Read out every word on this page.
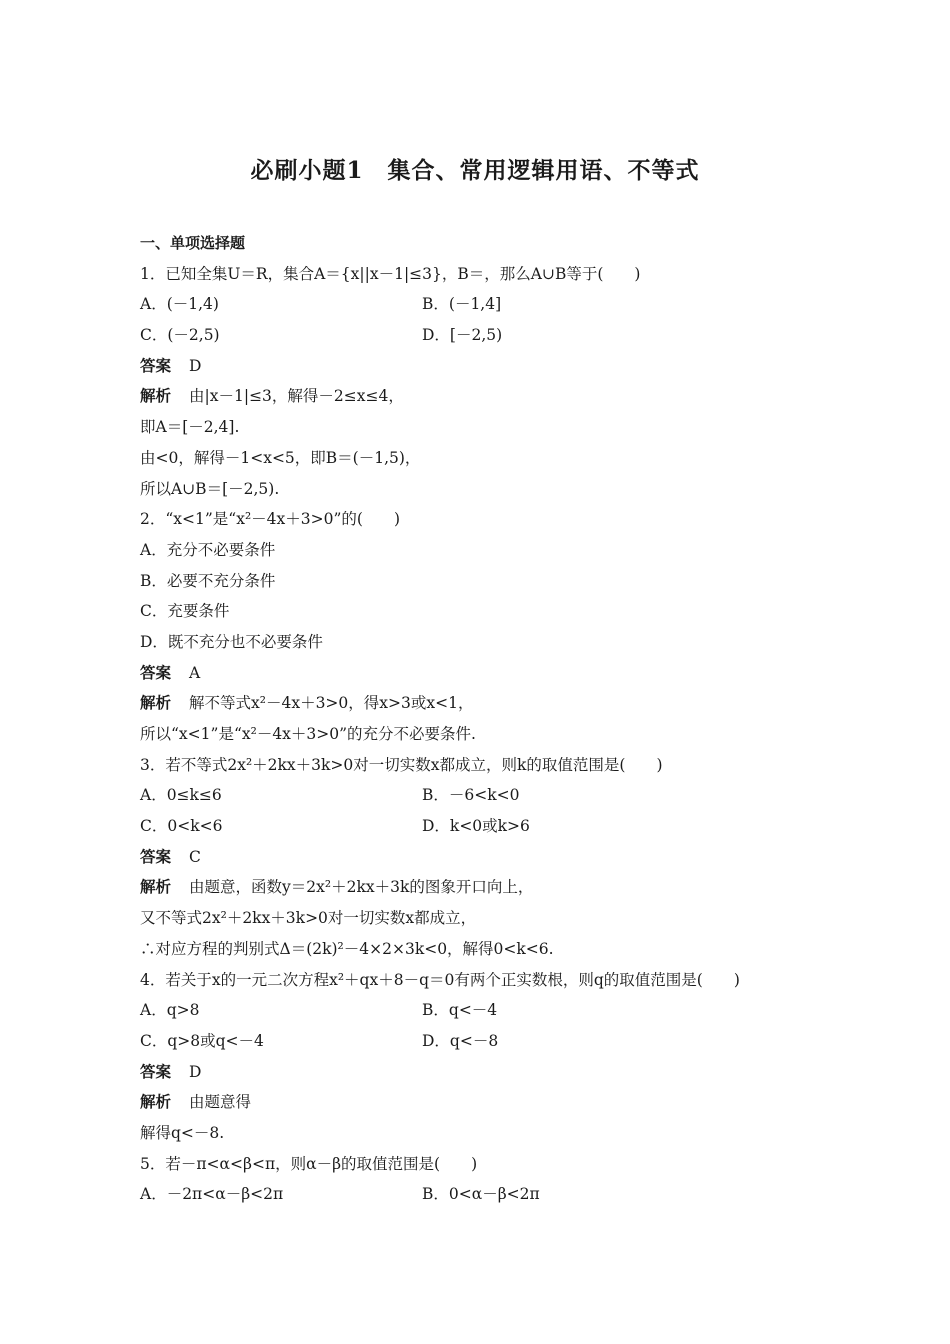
必刷小题1　集合、常用逻辑用语、不等式
一、单项选择题
1．已知全集U＝R，集合A＝{x||x－1|≤3}，B＝，那么A∪B等于(　　)
A．(－1,4)	B．(－1,4]
C．(－2,5)	D．[－2,5)
答案 D
解析 由|x－1|≤3，解得－2≤x≤4，
即A＝[－2,4].
由<0，解得－1<x<5，即B＝(－1,5)，
所以A∪B＝[－2,5).
2．“x<1”是“x²－4x＋3>0”的(　　)
A．充分不必要条件
B．必要不充分条件
C．充要条件
D．既不充分也不必要条件
答案 A
解析 解不等式x²－4x＋3>0，得x>3或x<1，
所以“x<1”是“x²－4x＋3>0”的充分不必要条件.
3．若不等式2x²＋2kx＋3k>0对一切实数x都成立，则k的取值范围是(　　)
A．0≤k≤6	B．－6<k<0
C．0<k<6	D．k<0或k>6
答案 C
解析 由题意，函数y＝2x²＋2kx＋3k的图象开口向上，
又不等式2x²＋2kx＋3k>0对一切实数x都成立，
∴对应方程的判别式Δ＝(2k)²－4×2×3k<0，解得0<k<6.
4．若关于x的一元二次方程x²＋qx＋8－q＝0有两个正实数根，则q的取值范围是(　　)
A．q>8	B．q<－4
C．q>8或q<－4	D．q<－8
答案 D
解析 由题意得
解得q<－8.
5．若－π<α<β<π，则α－β的取值范围是(　　)
A．－2π<α－β<2π	B．0<α－β<2π
